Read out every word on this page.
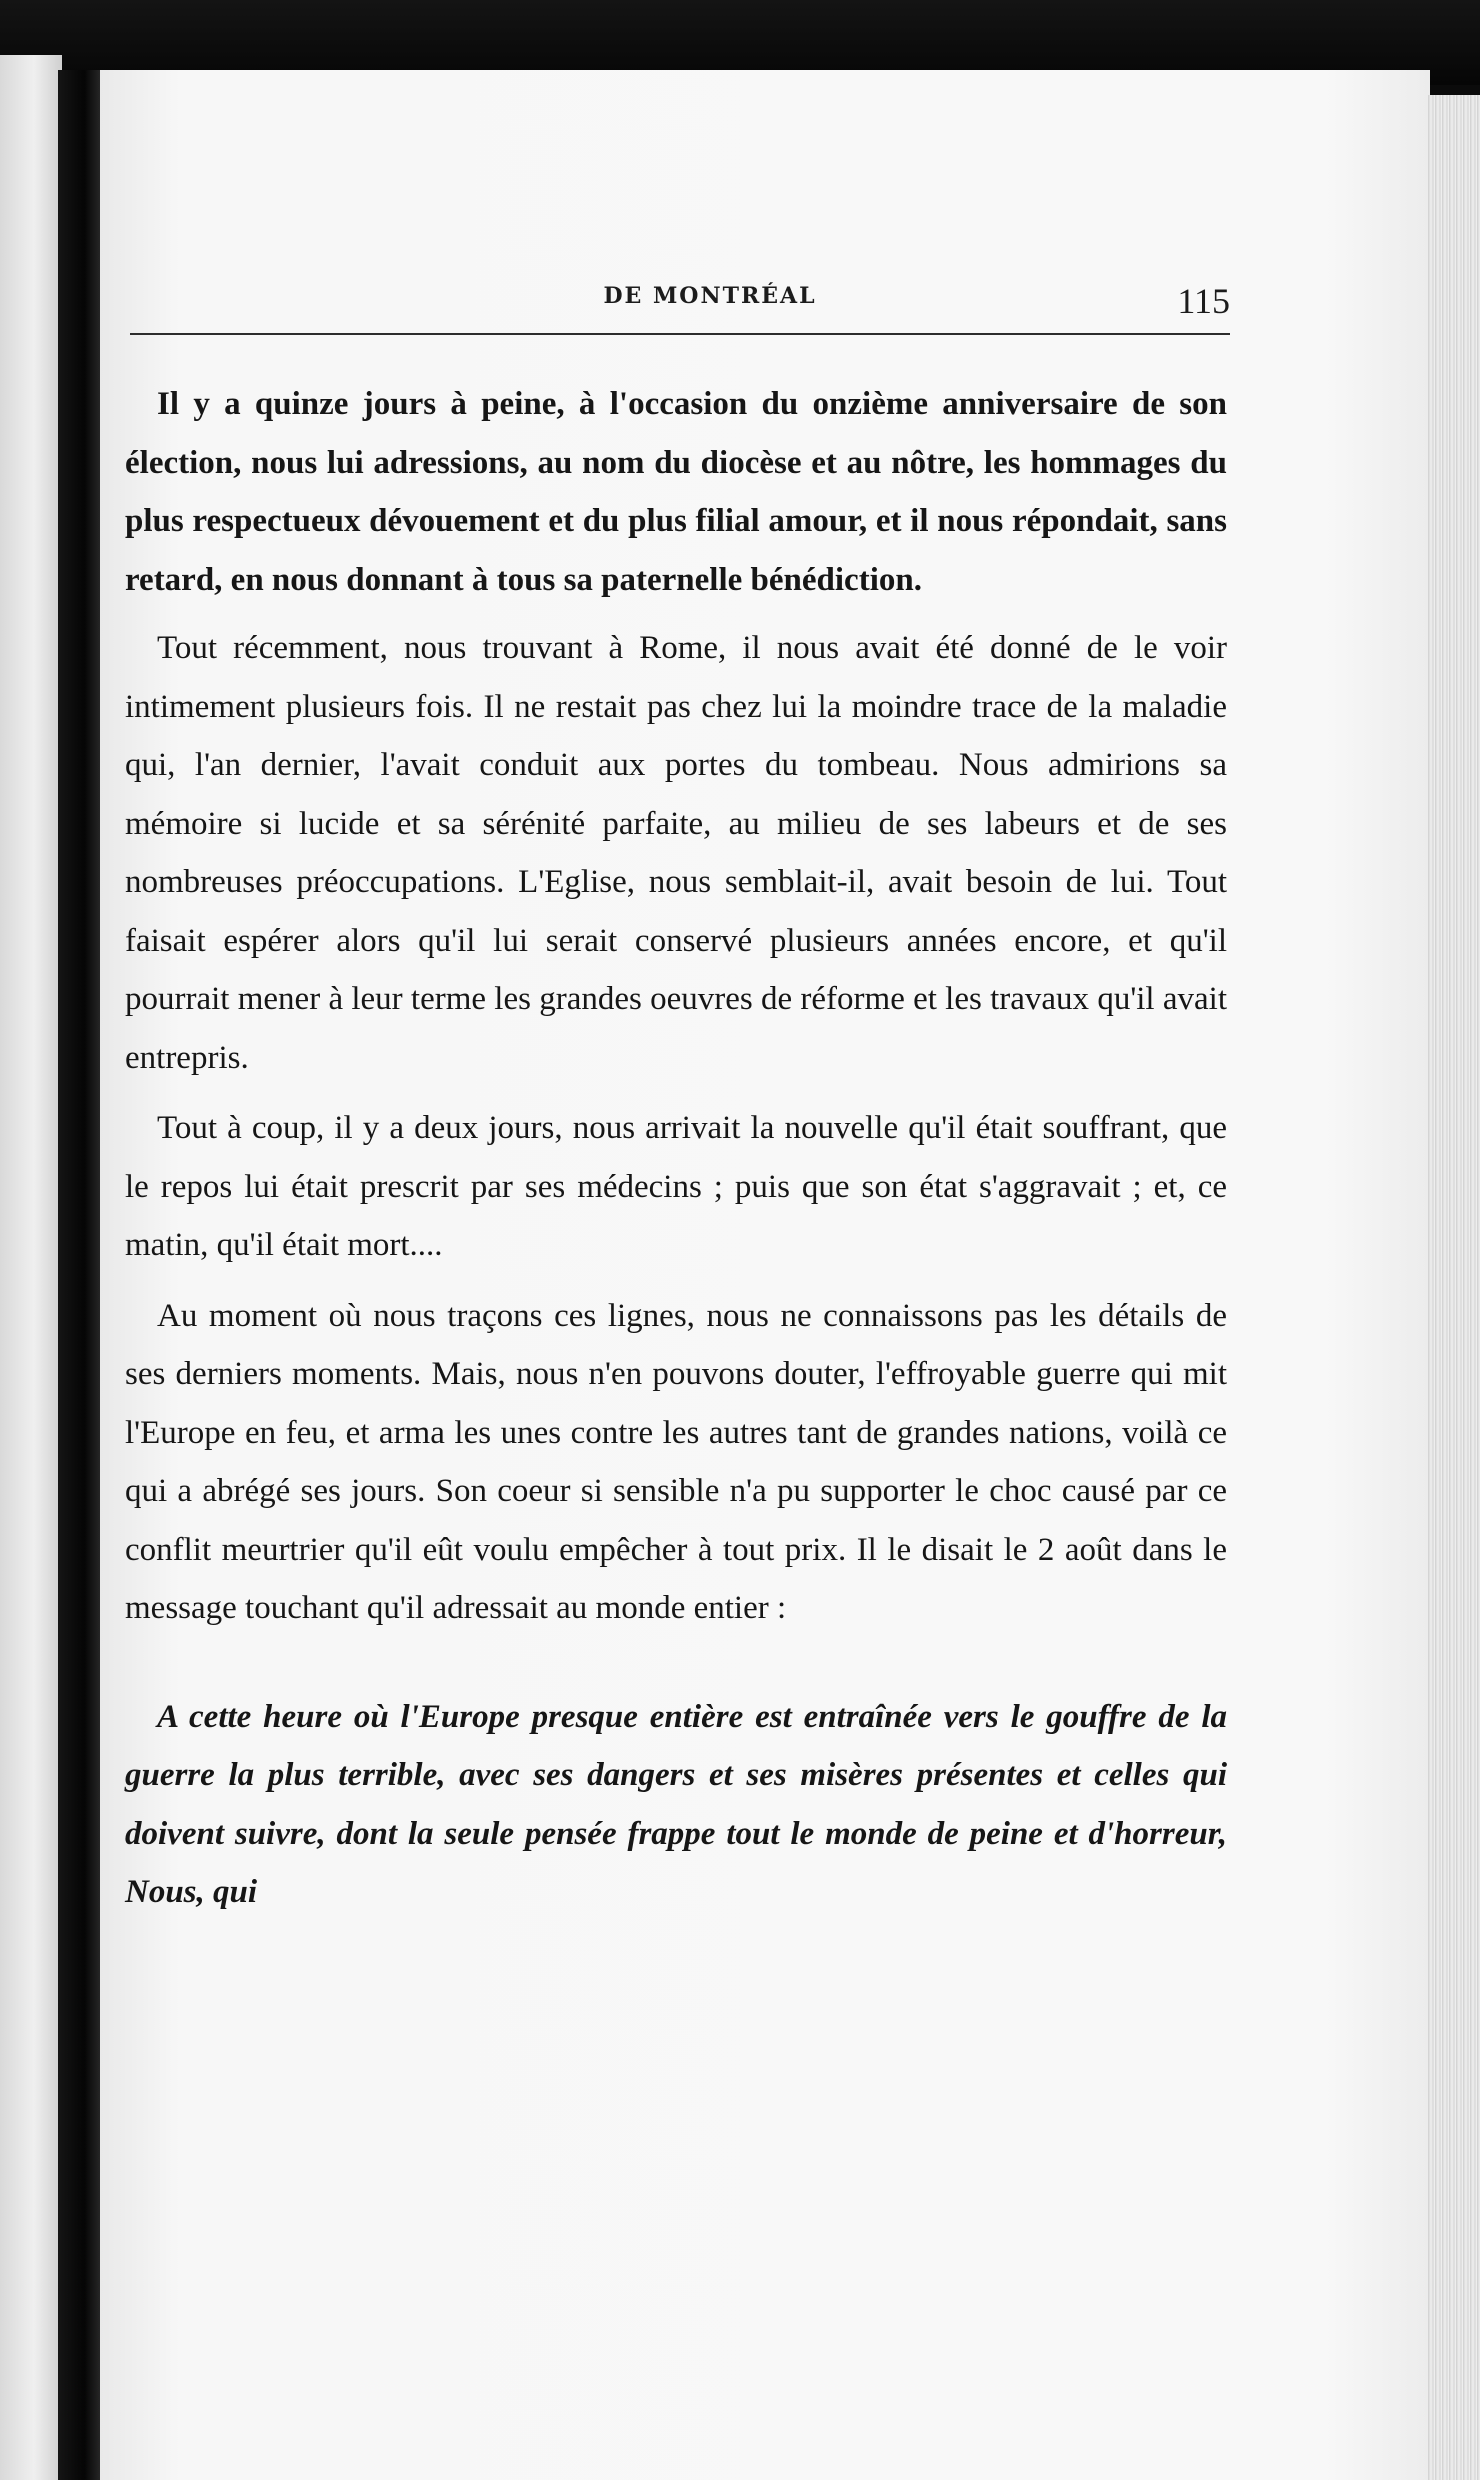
DE MONTRÉAL	115

Il y a quinze jours à peine, à l'occasion du onzième anniversaire de son élection, nous lui adressions, au nom du diocèse et au nôtre, les hommages du plus respectueux dévouement et du plus filial amour, et il nous répondait, sans retard, en nous donnant à tous sa paternelle bénédiction.

Tout récemment, nous trouvant à Rome, il nous avait été donné de le voir intimement plusieurs fois. Il ne restait pas chez lui la moindre trace de la maladie qui, l'an dernier, l'avait conduit aux portes du tombeau. Nous admirions sa mémoire si lucide et sa sérénité parfaite, au milieu de ses labeurs et de ses nombreuses préoccupations. L'Eglise, nous semblait-il, avait besoin de lui. Tout faisait espérer alors qu'il lui serait conservé plusieurs années encore, et qu'il pourrait mener à leur terme les grandes oeuvres de réforme et les travaux qu'il avait entrepris.

Tout à coup, il y a deux jours, nous arrivait la nouvelle qu'il était souffrant, que le repos lui était prescrit par ses médecins ; puis que son état s'aggravait ; et, ce matin, qu'il était mort....

Au moment où nous traçons ces lignes, nous ne connaissons pas les détails de ses derniers moments. Mais, nous n'en pouvons douter, l'effroyable guerre qui mit l'Europe en feu, et arma les unes contre les autres tant de grandes nations, voilà ce qui a abrégé ses jours. Son coeur si sensible n'a pu supporter le choc causé par ce conflit meurtrier qu'il eût voulu empêcher à tout prix. Il le disait le 2 août dans le message touchant qu'il adressait au monde entier :

A cette heure où l'Europe presque entière est entraînée vers le gouffre de la guerre la plus terrible, avec ses dangers et ses misères présentes et celles qui doivent suivre, dont la seule pensée frappe tout le monde de peine et d'horreur, Nous, qui
